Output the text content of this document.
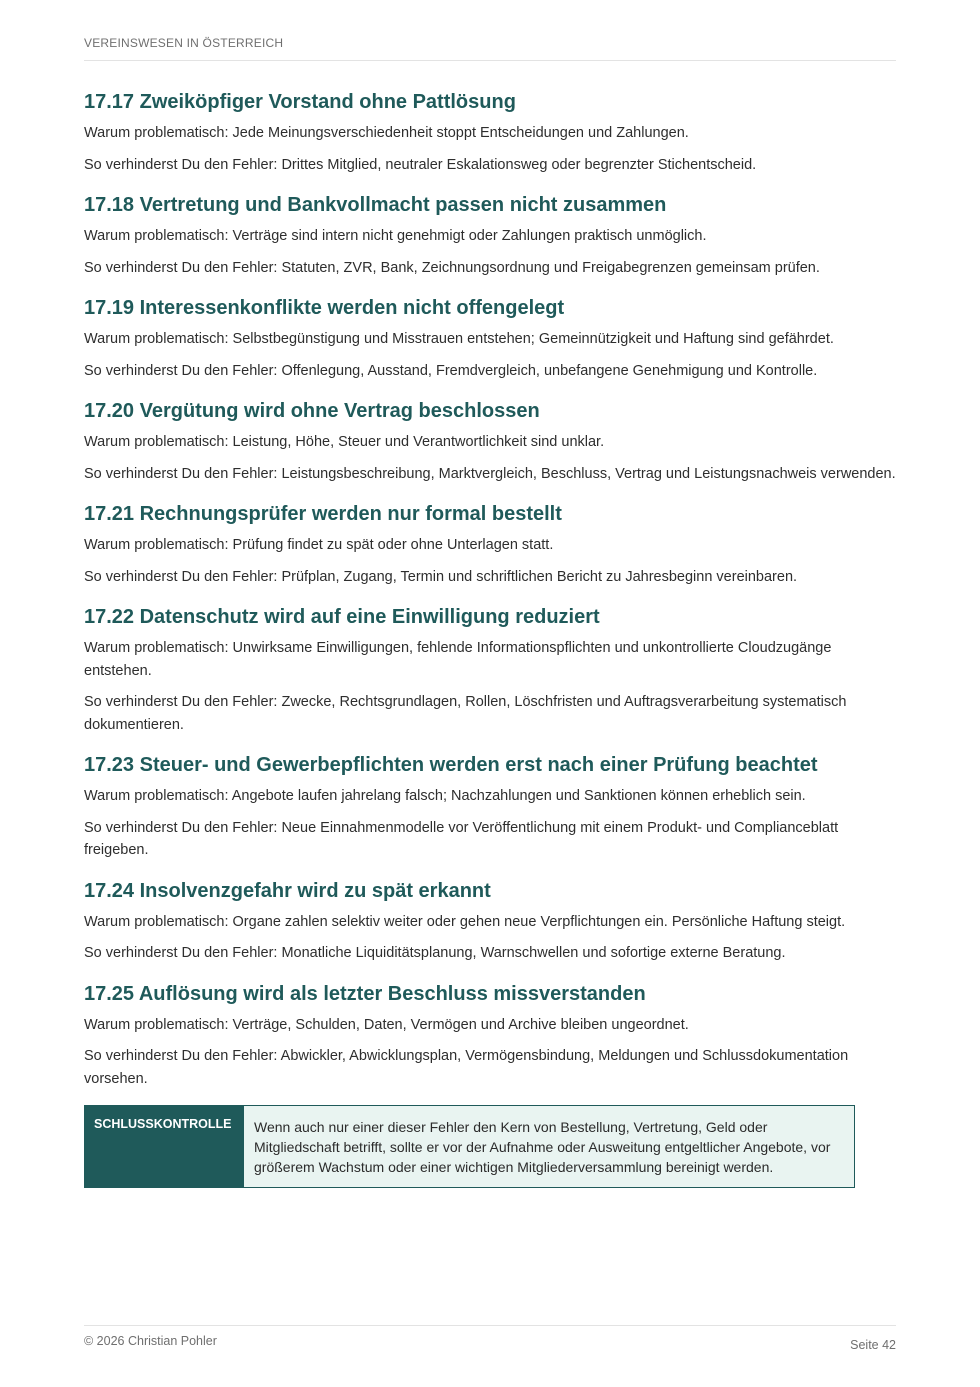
VEREINSWESEN IN ÖSTERREICH
17.17 Zweiköpfiger Vorstand ohne Pattlösung

Warum problematisch: Jede Meinungsverschiedenheit stoppt Entscheidungen und Zahlungen.

So verhinderst Du den Fehler: Drittes Mitglied, neutraler Eskalationsweg oder begrenzter Stichentscheid.

17.18 Vertretung und Bankvollmacht passen nicht zusammen

Warum problematisch: Verträge sind intern nicht genehmigt oder Zahlungen praktisch unmöglich.

So verhinderst Du den Fehler: Statuten, ZVR, Bank, Zeichnungsordnung und Freigabegrenzen gemeinsam prüfen.

17.19 Interessenkonflikte werden nicht offengelegt

Warum problematisch: Selbstbegünstigung und Misstrauen entstehen; Gemeinnützigkeit und Haftung sind gefährdet.

So verhinderst Du den Fehler: Offenlegung, Ausstand, Fremdvergleich, unbefangene Genehmigung und Kontrolle.

17.20 Vergütung wird ohne Vertrag beschlossen

Warum problematisch: Leistung, Höhe, Steuer und Verantwortlichkeit sind unklar.

So verhinderst Du den Fehler: Leistungsbeschreibung, Marktvergleich, Beschluss, Vertrag und Leistungsnachweis verwenden.

17.21 Rechnungsprüfer werden nur formal bestellt

Warum problematisch: Prüfung findet zu spät oder ohne Unterlagen statt.

So verhinderst Du den Fehler: Prüfplan, Zugang, Termin und schriftlichen Bericht zu Jahresbeginn vereinbaren.

17.22 Datenschutz wird auf eine Einwilligung reduziert

Warum problematisch: Unwirksame Einwilligungen, fehlende Informationspflichten und unkontrollierte Cloudzugänge entstehen.

So verhinderst Du den Fehler: Zwecke, Rechtsgrundlagen, Rollen, Löschfristen und Auftragsverarbeitung systematisch dokumentieren.

17.23 Steuer- und Gewerbepflichten werden erst nach einer Prüfung beachtet

Warum problematisch: Angebote laufen jahrelang falsch; Nachzahlungen und Sanktionen können erheblich sein.

So verhinderst Du den Fehler: Neue Einnahmenmodelle vor Veröffentlichung mit einem Produkt- und Complianceblatt freigeben.

17.24 Insolvenzgefahr wird zu spät erkannt

Warum problematisch: Organe zahlen selektiv weiter oder gehen neue Verpflichtungen ein. Persönliche Haftung steigt.

So verhinderst Du den Fehler: Monatliche Liquiditätsplanung, Warnschwellen und sofortige externe Beratung.

17.25 Auflösung wird als letzter Beschluss missverstanden

Warum problematisch: Verträge, Schulden, Daten, Vermögen und Archive bleiben ungeordnet.

So verhinderst Du den Fehler: Abwickler, Abwicklungsplan, Vermögensbindung, Meldungen und Schlussdokumentation vorsehen.

SCHLUSSKONTROLLE	Wenn auch nur einer dieser Fehler den Kern von Bestellung, Vertretung, Geld oder Mitgliedschaft betrifft, sollte er vor der Aufnahme oder Ausweitung entgeltlicher Angebote, vor größerem Wachstum oder einer wichtigen Mitgliederversammlung bereinigt werden.
© 2026 Christian Pohler	Seite 42
